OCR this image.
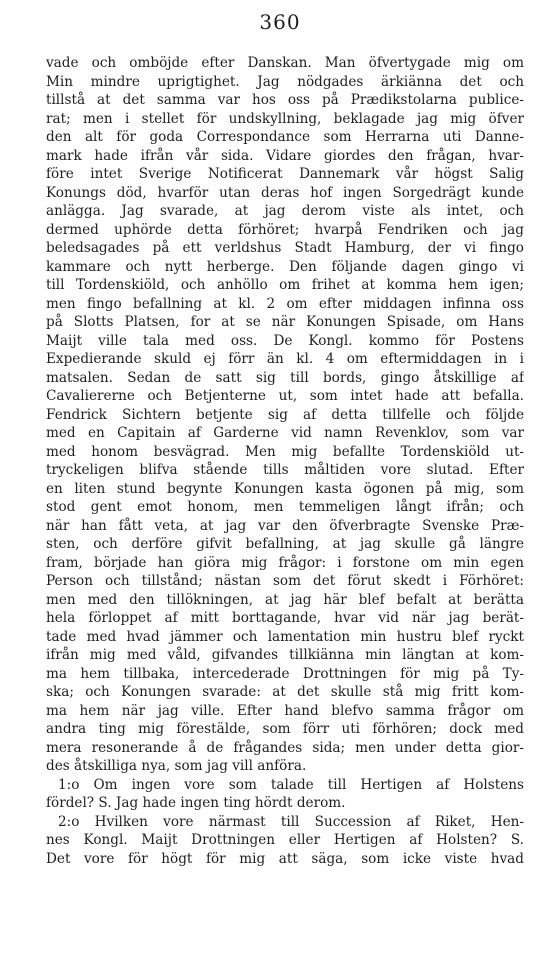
360
vade och omböjde efter Danskan. Man öfvertygade mig om
Min mindre uprigtighet. Jag nödgades ärkiänna det och
tillstå at det samma var hos oss på Prædikstolarna publice-
rat; men i stellet för undskyllning, beklagade jag mig öfver
den alt för goda Correspondance som Herrarna uti Danne-
mark hade ifrån vår sida. Vidare giordes den frågan, hvar-
före intet Sverige Notificerat Dannemark vår högst Salig
Konungs död, hvarför utan deras hof ingen Sorgedrägt kunde
anlägga. Jag svarade, at jag derom viste als intet, och
dermed uphörde detta förhöret; hvarpå Fendriken och jag
beledsagades på ett verldshus Stadt Hamburg, der vi fingo
kammare och nytt herberge. Den följande dagen gingo vi
till Tordenskiöld, och anhöllo om frihet at komma hem igen;
men fingo befallning at kl. 2 om efter middagen infinna oss
på Slotts Platsen, for at se när Konungen Spisade, om Hans
Maijt ville tala med oss. De Kongl. kommo för Postens
Expedierande skuld ej förr än kl. 4 om eftermiddagen in i
matsalen. Sedan de satt sig till bords, gingo åtskillige af
Cavaliererne och Betjenterne ut, som intet hade att befalla.
Fendrick Sichtern betjente sig af detta tillfelle och följde
med en Capitain af Garderne vid namn Revenklov, som var
med honom besvägrad. Men mig befallte Tordenskiöld ut-
tryckeligen blifva stående tills måltiden vore slutad. Efter
en liten stund begynte Konungen kasta ögonen på mig, som
stod gent emot honom, men temmeligen långt ifrån; och
när han fått veta, at jag var den öfverbragte Svenske Præ-
sten, och derföre gifvit befallning, at jag skulle gå längre
fram, började han giöra mig frågor: i forstone om min egen
Person och tillstånd; nästan som det förut skedt i Förhöret:
men med den tillökningen, at jag här blef befalt at berätta
hela förloppet af mitt borttagande, hvar vid när jag berät-
tade med hvad jämmer och lamentation min hustru blef ryckt
ifrån mig med våld, gifvandes tillkiänna min längtan at kom-
ma hem tillbaka, intercederade Drottningen för mig på Ty-
ska; och Konungen svarade: at det skulle stå mig fritt kom-
ma hem när jag ville. Efter hand blefvo samma frågor om
andra ting mig förestälde, som förr uti förhören; dock med
mera resonerande å de frågandes sida; men under detta gior-
des åtskilliga nya, som jag vill anföra.
1:o Om ingen vore som talade till Hertigen af Holstens
fördel? S. Jag hade ingen ting hördt derom.
2:o Hvilken vore närmast till Succession af Riket, Hen-
nes Kongl. Maijt Drottningen eller Hertigen af Holsten? S.
Det vore för högt för mig att säga, som icke viste hvad
